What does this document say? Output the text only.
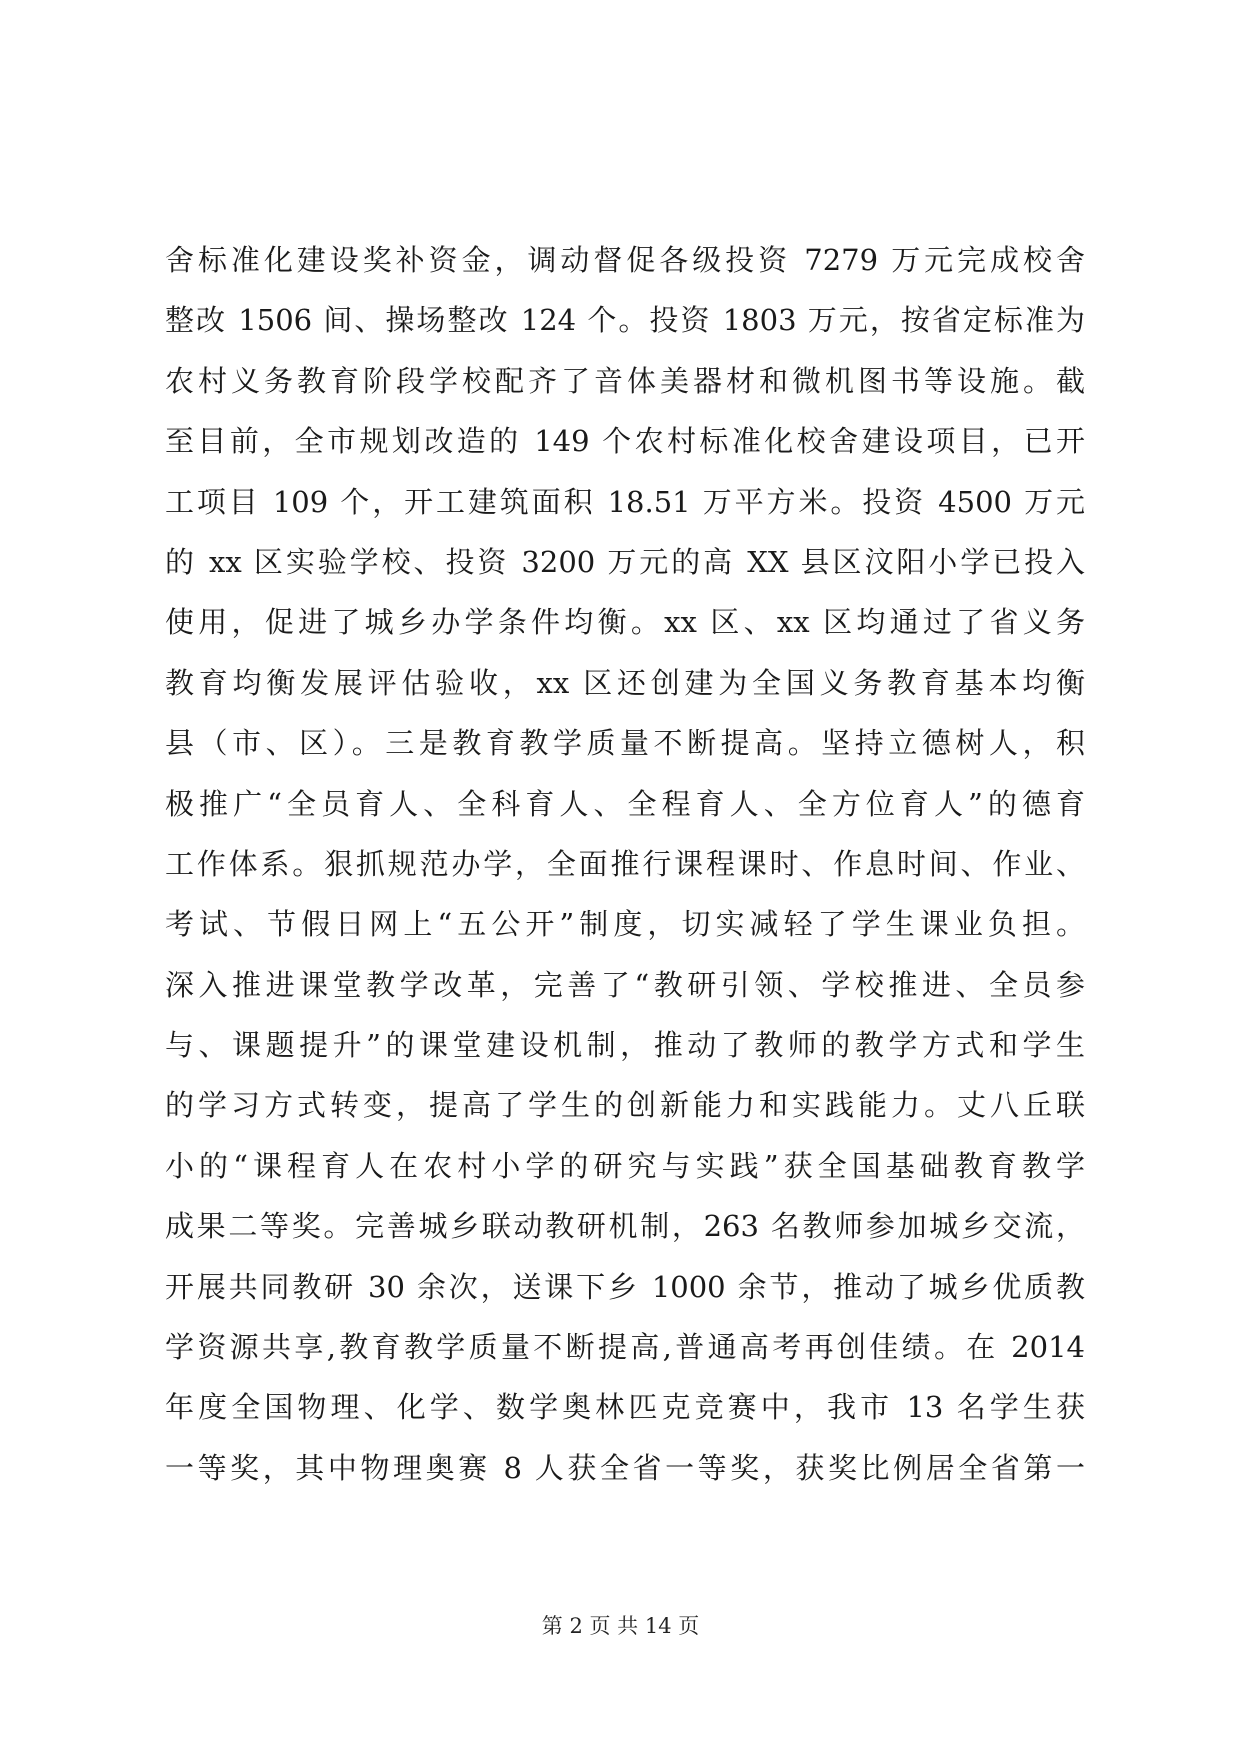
舍标准化建设奖补资金，调动督促各级投资 7279 万元完成校舍
整改 1506 间、操场整改 124 个。投资 1803 万元，按省定标准为
农村义务教育阶段学校配齐了音体美器材和微机图书等设施。截
至目前，全市规划改造的 149 个农村标准化校舍建设项目，已开
工项目 109 个，开工建筑面积 18.51 万平方米。投资 4500 万元
的 xx 区实验学校、投资 3200 万元的高 XX 县区汶阳小学已投入
使用，促进了城乡办学条件均衡。xx 区、xx 区均通过了省义务
教育均衡发展评估验收，xx 区还创建为全国义务教育基本均衡
县（市、区）。三是教育教学质量不断提高。坚持立德树人，积
极推广“全员育人、全科育人、全程育人、全方位育人”的德育
工作体系。狠抓规范办学，全面推行课程课时、作息时间、作业、
考试、节假日网上“五公开”制度，切实减轻了学生课业负担。
深入推进课堂教学改革，完善了“教研引领、学校推进、全员参
与、课题提升”的课堂建设机制，推动了教师的教学方式和学生
的学习方式转变，提高了学生的创新能力和实践能力。丈八丘联
小的“课程育人在农村小学的研究与实践”获全国基础教育教学
成果二等奖。完善城乡联动教研机制，263 名教师参加城乡交流，
开展共同教研 30 余次，送课下乡 1000 余节，推动了城乡优质教
学资源共享,教育教学质量不断提高,普通高考再创佳绩。在 2014
年度全国物理、化学、数学奥林匹克竞赛中，我市 13 名学生获
一等奖，其中物理奥赛 8 人获全省一等奖，获奖比例居全省第一
第 2 页 共 14 页
